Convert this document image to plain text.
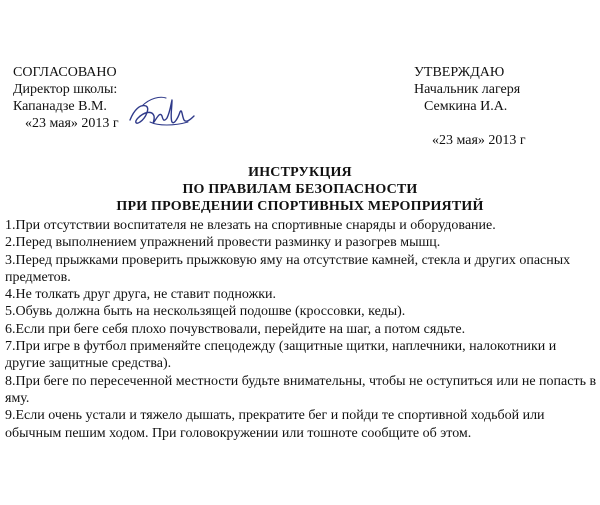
СОГЛАСОВАНО
Директор школы:
Капанадзе В.М.
«23 мая» 2013 г
УТВЕРЖДАЮ
Начальник лагеря
Семкина И.А.
«23 мая» 2013 г
ИНСТРУКЦИЯ
ПО ПРАВИЛАМ БЕЗОПАСНОСТИ
ПРИ ПРОВЕДЕНИИ СПОРТИВНЫХ МЕРОПРИЯТИЙ

1.При отсутствии воспитателя не влезать на спортивные снаряды и оборудование.

2.Перед выполнением упражнений провести разминку и разогрев мышц.

3.Перед прыжками проверить прыжковую яму на отсутствие камней, стекла и других опасных предметов.

4.Не толкать друг друга, не ставит подножки.

5.Обувь должна быть на нескользящей подошве (кроссовки, кеды).

6.Если при беге себя плохо почувствовали, перейдите на шаг, а потом сядьте.

7.При игре в футбол применяйте спецодежду (защитные щитки, наплечники, налокотники и другие защитные средства).

8.При беге по пересеченной местности будьте внимательны, чтобы не оступиться или не попасть в яму.

9.Если очень устали и тяжело дышать, прекратите бег и пойди те спортивной ходьбой или обычным пешим ходом. При головокружении или тошноте сообщите об этом.
